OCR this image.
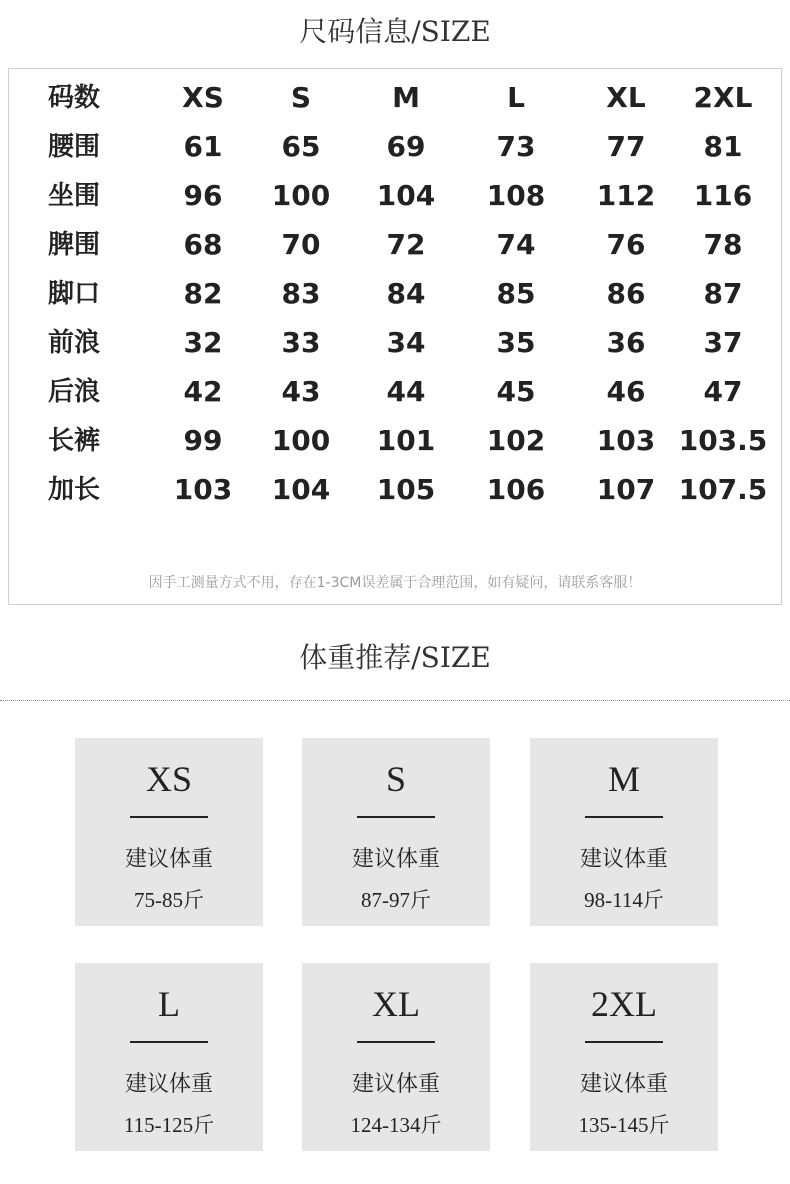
尺码信息/SIZE
码数	XS S	M	L	XL 2XL
腰围	61 65 69	73	77 81
坐围	96 100 104 108 112 116
脾围	68 70 72	74	76 78
脚口	82 83 84	85	86 87
前浪	32 33 34	35	36 37
后浪	42 43 44	45	46 47
长裤	99 100 101 102 103 103.5
加长	103 104 105 106 107 107.5
因手工测量方式不用，存在1-3CM误差属于合理范围，如有疑问，请联系客服！
体重推荐/SIZE
XS
建议体重
75-85斤
S
建议体重
87-97斤
M
建议体重
98-114斤
L
建议体重
115-125斤
XL
建议体重
124-134斤
2XL
建议体重
135-145斤
